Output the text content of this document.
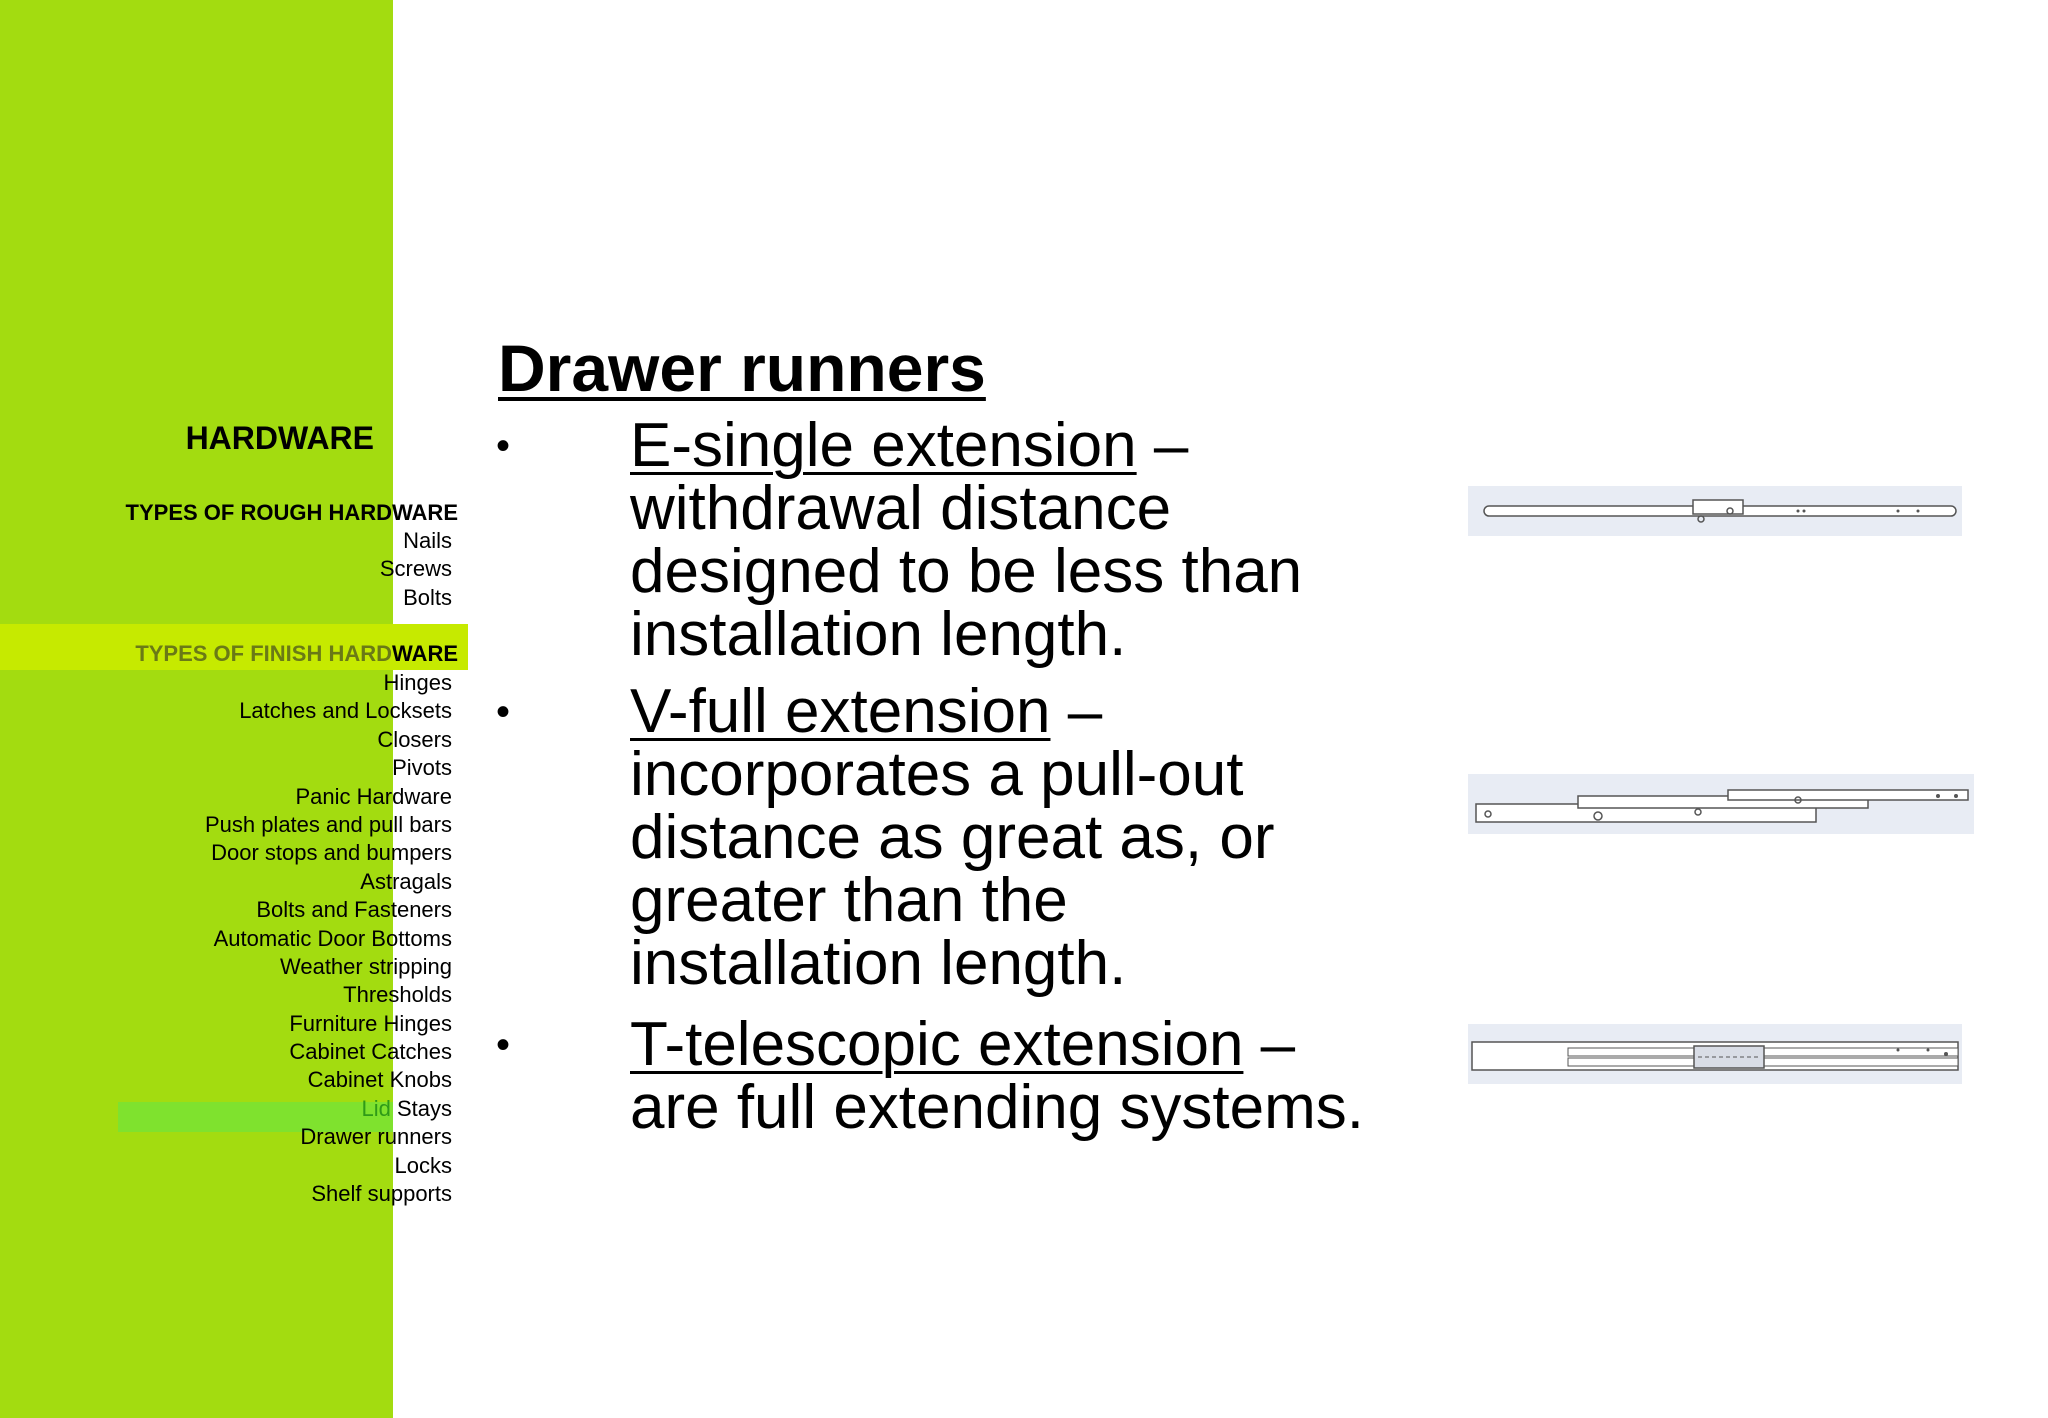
HARDWARE
TYPES OF ROUGH HARDWARE
Nails
Screws
Bolts
TYPES OF FINISH HARDWARE
Hinges
Latches and Locksets
Closers
Pivots
Panic Hardware
Push plates and pull bars
Door stops and bumpers
Astragals
Bolts and Fasteners
Automatic Door Bottoms
Weather stripping
Thresholds
Furniture Hinges
Cabinet Catches
Cabinet Knobs
Lid Stays
Drawer runners
Locks
Shelf supports
Drawer runners
• E-single extension – withdrawal distance designed to be less than installation length.

• V-full extension – incorporates a pull-out distance as great as, or greater than the installation length.

• T-telescopic extension – are full extending systems.
